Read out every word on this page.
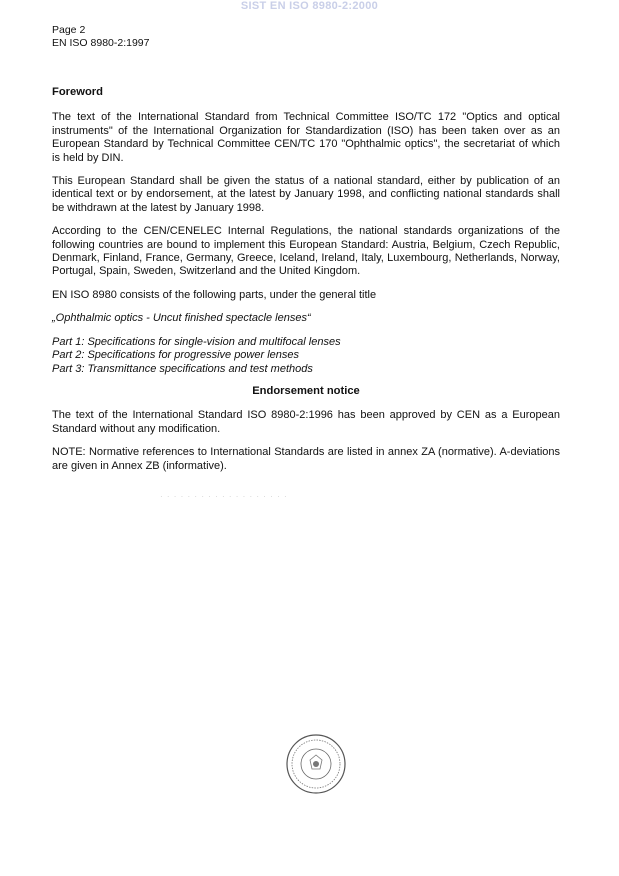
SIST EN ISO 8980-2:2000
Page 2
EN ISO 8980-2:1997
Foreword

The text of the International Standard from Technical Committee ISO/TC 172 "Optics and optical instruments" of the International Organization for Standardization (ISO) has been taken over as an European Standard by Technical Committee CEN/TC 170 "Ophthalmic optics", the secretariat of which is held by DIN.

This European Standard shall be given the status of a national standard, either by publication of an identical text or by endorsement, at the latest by January 1998, and conflicting national standards shall be withdrawn at the latest by January 1998.

According to the CEN/CENELEC Internal Regulations, the national standards organizations of the following countries are bound to implement this European Standard: Austria, Belgium, Czech Republic, Denmark, Finland, France, Germany, Greece, Iceland, Ireland, Italy, Luxembourg, Netherlands, Norway, Portugal, Spain, Sweden, Switzerland and the United Kingdom.

EN ISO 8980 consists of the following parts, under the general title

„Ophthalmic optics - Uncut finished spectacle lenses“

Part 1: Specifications for single-vision and multifocal lenses
Part 2: Specifications for progressive power lenses
Part 3: Transmittance specifications and test methods
Endorsement notice

The text of the International Standard ISO 8980-2:1996 has been approved by CEN as a European Standard without any modification.

NOTE: Normative references to International Standards are listed in annex ZA (normative). A-deviations are given in Annex ZB (informative).

· · · · · · · · · · · · · · · · · · ·
